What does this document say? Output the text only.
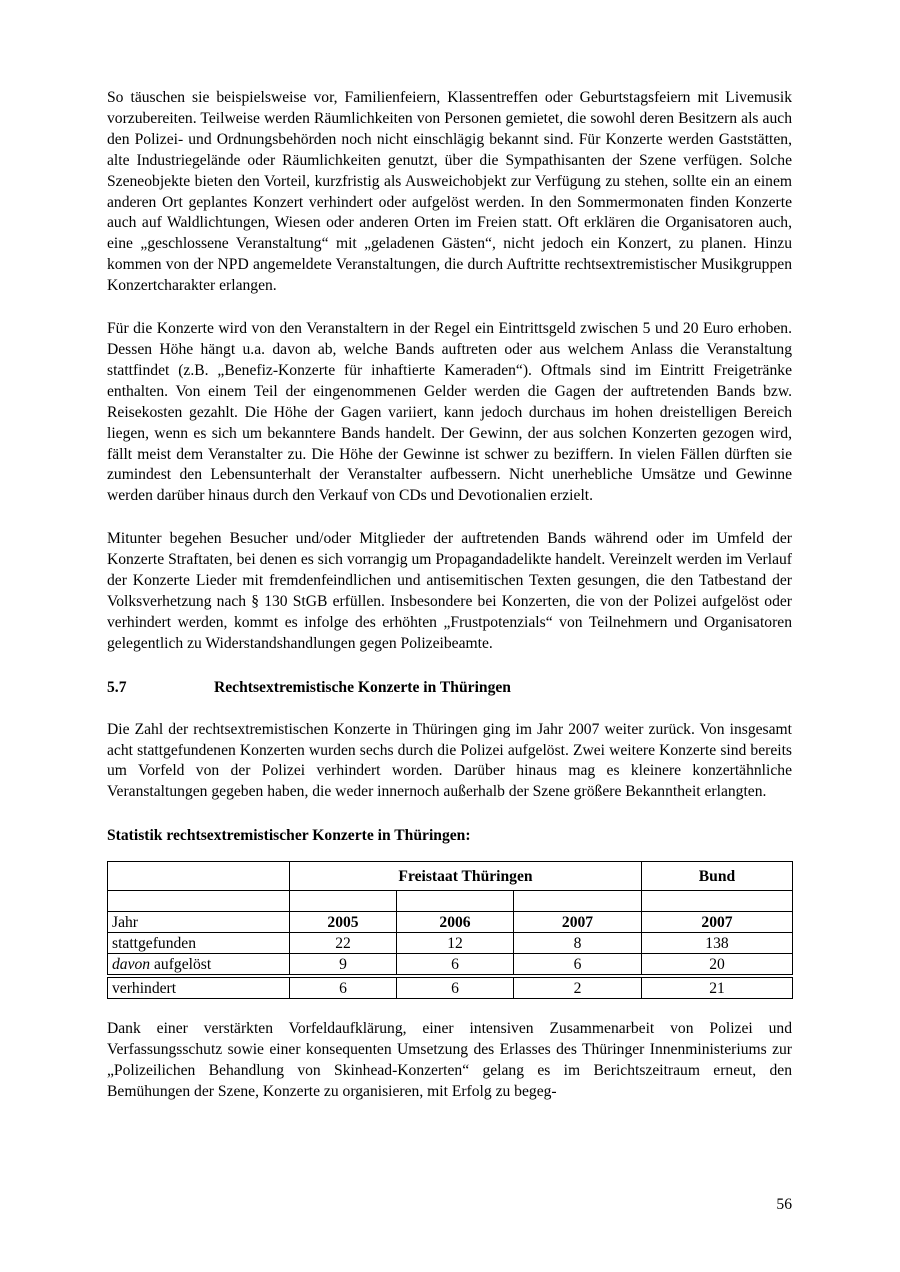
So täuschen sie beispielsweise vor, Familienfeiern, Klassentreffen oder Geburtstagsfeiern mit Livemusik vorzubereiten. Teilweise werden Räumlichkeiten von Personen gemietet, die sowohl deren Besitzern als auch den Polizei- und Ordnungsbehörden noch nicht einschlägig bekannt sind. Für Konzerte werden Gaststätten, alte Industriegelände oder Räumlichkeiten genutzt, über die Sympathisanten der Szene verfügen. Solche Szeneobjekte bieten den Vorteil, kurzfristig als Ausweichobjekt zur Verfügung zu stehen, sollte ein an einem anderen Ort geplantes Konzert verhindert oder aufgelöst werden. In den Sommermonaten finden Konzerte auch auf Waldlichtungen, Wiesen oder anderen Orten im Freien statt. Oft erklären die Organisatoren auch, eine „geschlossene Veranstaltung“ mit „geladenen Gästen“, nicht jedoch ein Konzert, zu planen. Hinzu kommen von der NPD angemeldete Veranstaltungen, die durch Auftritte rechtsextremistischer Musikgruppen Konzertcharakter erlangen.

Für die Konzerte wird von den Veranstaltern in der Regel ein Eintrittsgeld zwischen 5 und 20 Euro erhoben. Dessen Höhe hängt u.a. davon ab, welche Bands auftreten oder aus welchem Anlass die Veranstaltung stattfindet (z.B. „Benefiz-Konzerte für inhaftierte Kameraden“). Oftmals sind im Eintritt Freigetränke enthalten. Von einem Teil der eingenommenen Gelder werden die Gagen der auftretenden Bands bzw. Reisekosten gezahlt. Die Höhe der Gagen variiert, kann jedoch durchaus im hohen dreistelligen Bereich liegen, wenn es sich um bekanntere Bands handelt. Der Gewinn, der aus solchen Konzerten gezogen wird, fällt meist dem Veranstalter zu. Die Höhe der Gewinne ist schwer zu beziffern. In vielen Fällen dürften sie zumindest den Lebensunterhalt der Veranstalter aufbessern. Nicht unerhebliche Umsätze und Gewinne werden darüber hinaus durch den Verkauf von CDs und Devotionalien erzielt.

Mitunter begehen Besucher und/oder Mitglieder der auftretenden Bands während oder im Umfeld der Konzerte Straftaten, bei denen es sich vorrangig um Propagandadelikte handelt. Vereinzelt werden im Verlauf der Konzerte Lieder mit fremdenfeindlichen und antisemitischen Texten gesungen, die den Tatbestand der Volksverhetzung nach § 130 StGB erfüllen. Insbesondere bei Konzerten, die von der Polizei aufgelöst oder verhindert werden, kommt es infolge des erhöhten „Frustpotenzials“ von Teilnehmern und Organisatoren gelegentlich zu Widerstandshandlungen gegen Polizeibeamte.

5.7	Rechtsextremistische Konzerte in Thüringen

Die Zahl der rechtsextremistischen Konzerte in Thüringen ging im Jahr 2007 weiter zurück. Von insgesamt acht stattgefundenen Konzerten wurden sechs durch die Polizei aufgelöst. Zwei weitere Konzerte sind bereits um Vorfeld von der Polizei verhindert worden. Darüber hinaus mag es kleinere konzertähnliche Veranstaltungen gegeben haben, die weder innernoch außerhalb der Szene größere Bekanntheit erlangten.

Statistik rechtsextremistischer Konzerte in Thüringen:
	Freistaat Thüringen			Bund

Jahr	2005	2006	2007	2007
stattgefunden	22	12	8	138
davon aufgelöst	9	6	6	20
verhindert	6	6	2	21

Dank einer verstärkten Vorfeldaufklärung, einer intensiven Zusammenarbeit von Polizei und Verfassungsschutz sowie einer konsequenten Umsetzung des Erlasses des Thüringer Innenministeriums zur „Polizeilichen Behandlung von Skinhead-Konzerten“ gelang es im Berichtszeitraum erneut, den Bemühungen der Szene, Konzerte zu organisieren, mit Erfolg zu begeg-

56
